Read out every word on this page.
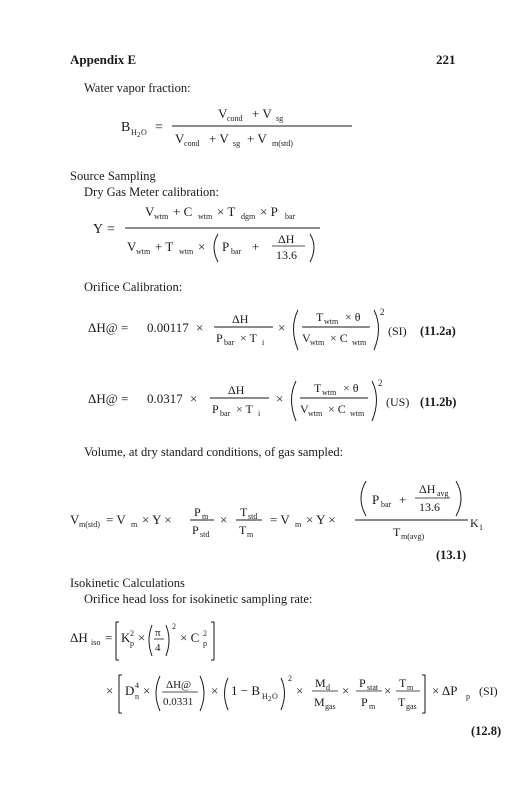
Appendix E	221
Water vapor fraction:
Source Sampling
Dry Gas Meter calibration:
Orifice Calibration:
Volume, at dry standard conditions, of gas sampled:
Isokinetic Calculations
Orifice head loss for isokinetic sampling rate:
B H 2 O =
V cond + V sg
V cond + V sg + V m(std)
Y =
V wtm + C wtm × T dgm × P bar
V wtm + T wtm × P bar + ΔH
13.6
ΔH@ = 0.00117 ×
ΔH
P bar × T i
×
T wtm × θ
V wtm × C wtm
2
(SI) (11.2a)
ΔH@ = 0.0317 ×
ΔH
P bar × T i
×
T wtm × θ
V wtm × C wtm
2
(US) (11.2b)
V m(std) = V m × Y × P m
P std
× T std
T m
= V m × Y ×
P bar +
ΔH avg
13.6
T m(avg)
K 1
(13.1)
ΔH iso = K 2
p × π
4
2
× C 2
p
× D 4
n × ΔH@
0.0331
× 1 − B H 2 O
2
× M d
M gas
× P stat
P m
× T m
T gas
× ΔP p (SI)
(12.8)
